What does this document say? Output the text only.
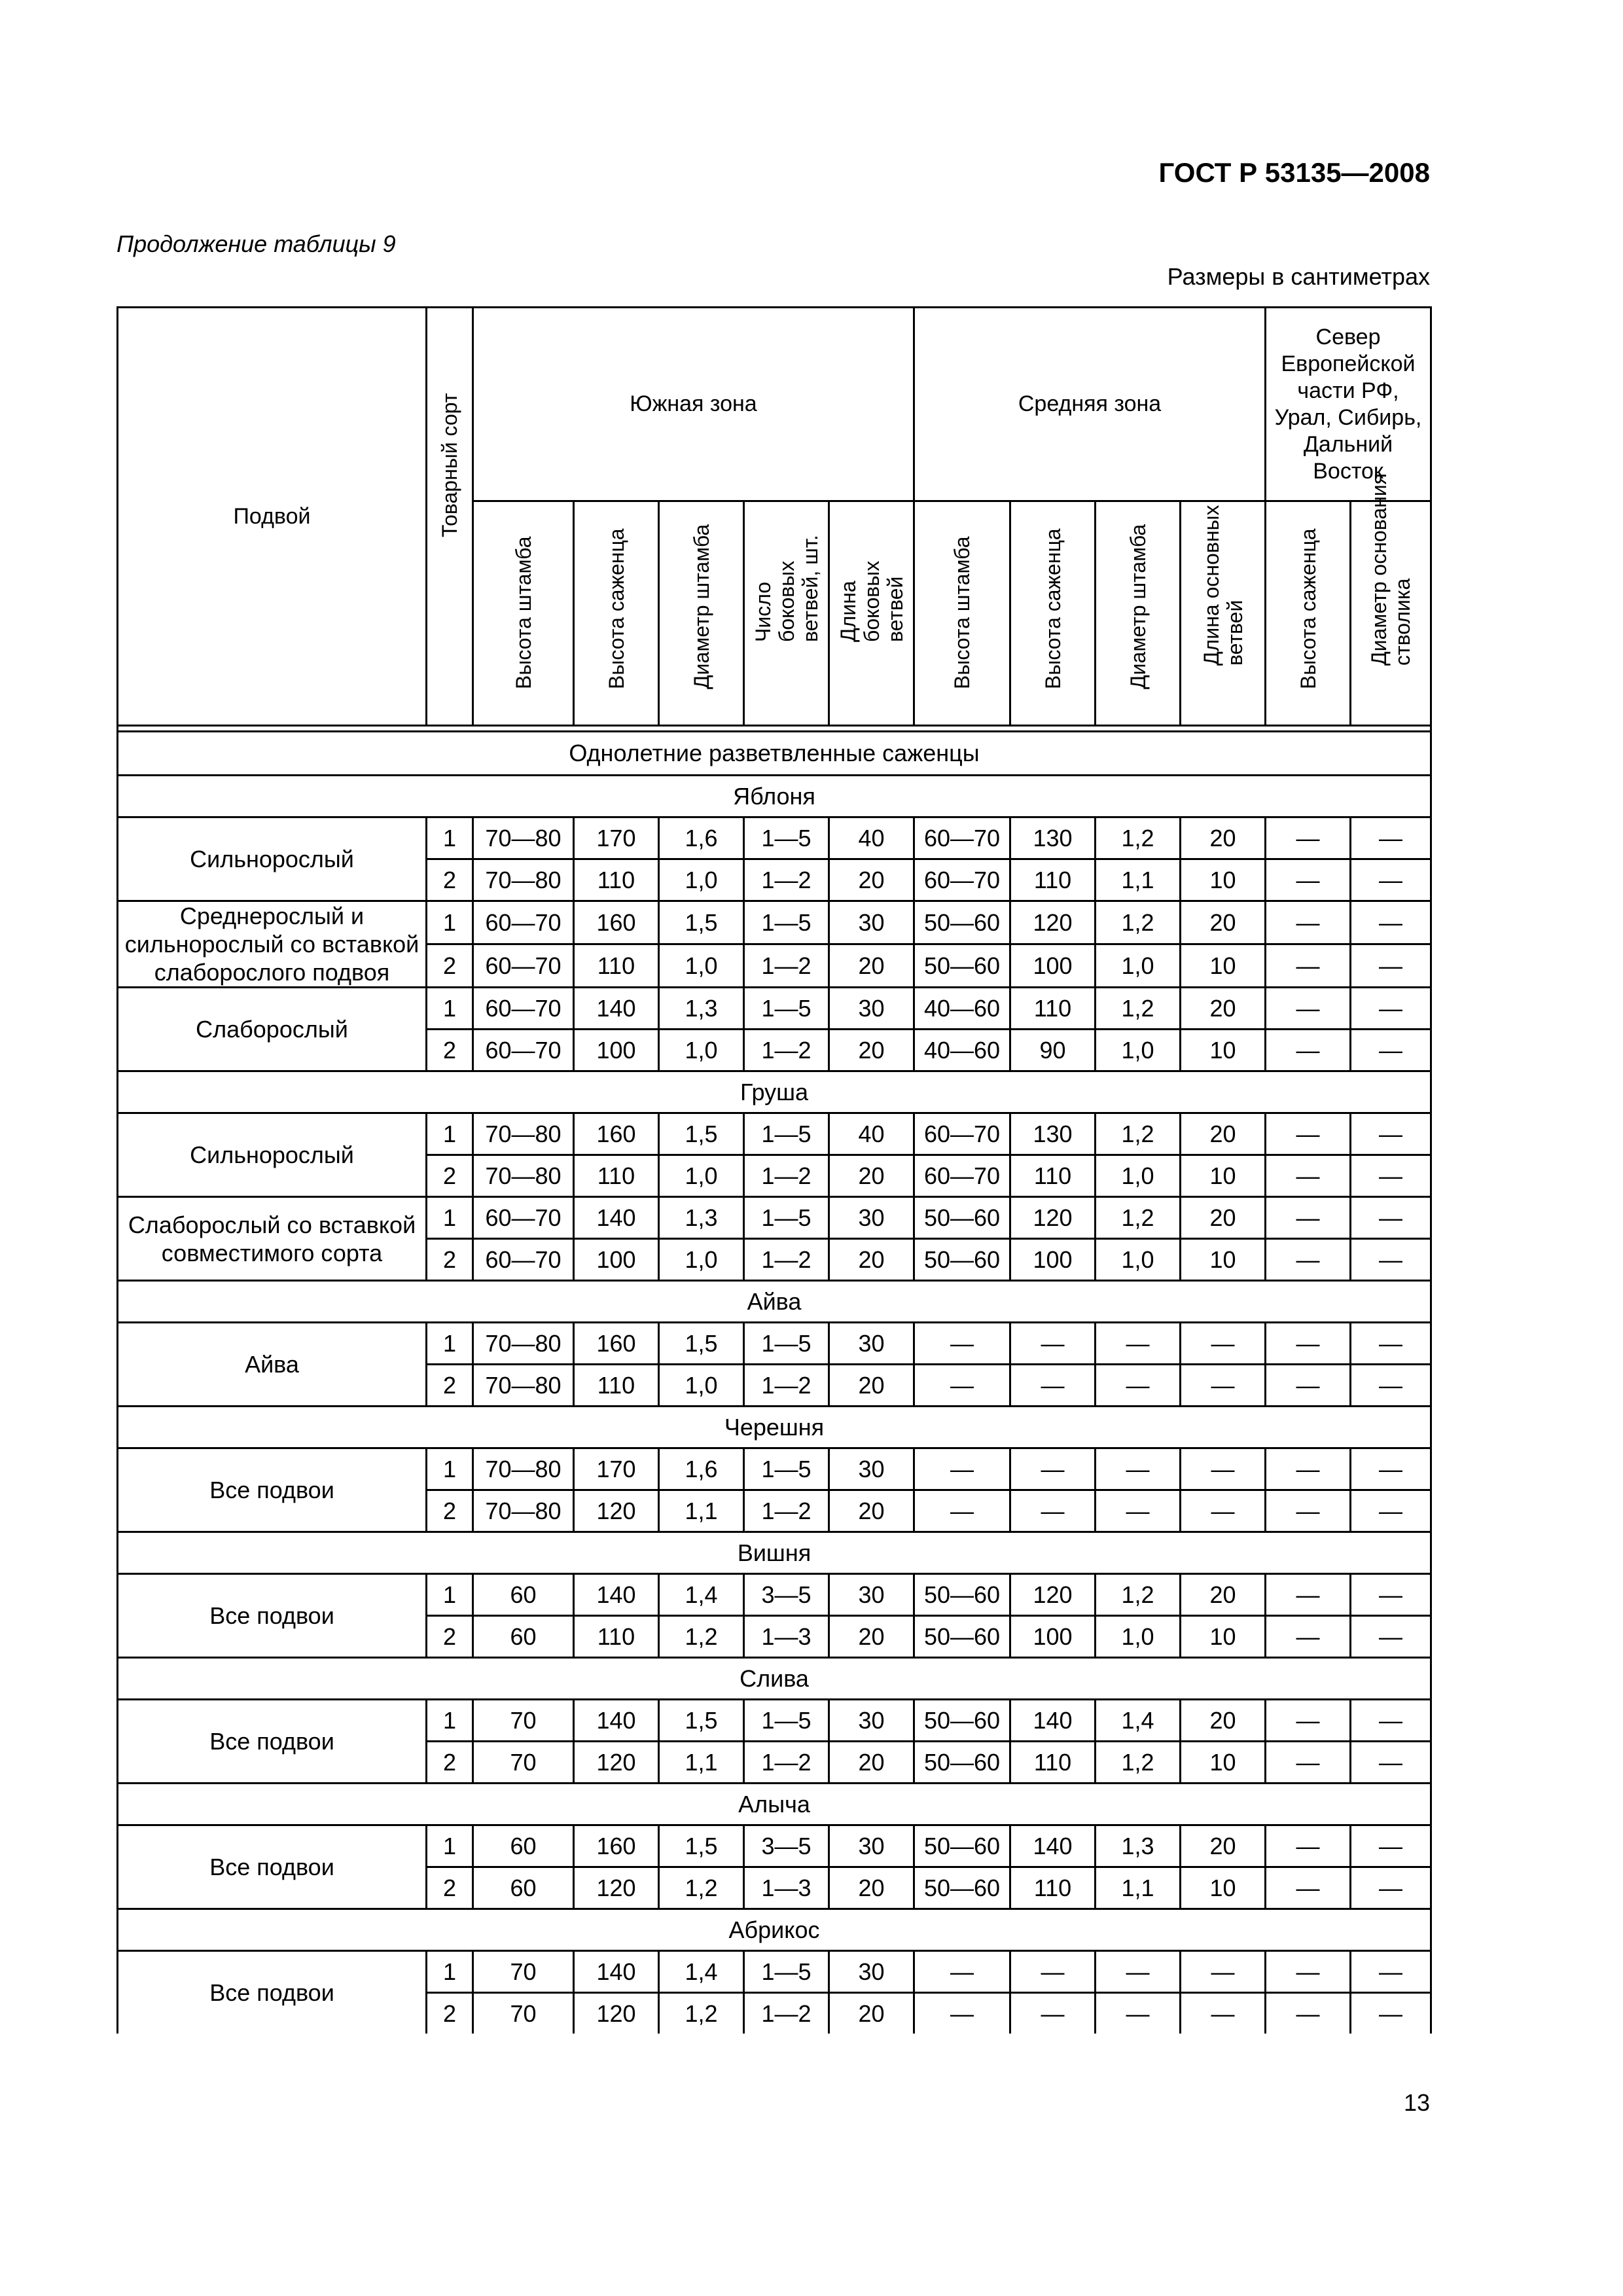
ГОСТ Р 53135—2008
Продолжение таблицы 9
Размеры в сантиметрах
Подвой	Товарный сорт	Южная зона					Средняя зона				Север Европейской части РФ, Урал, Сибирь, Дальний Восток	

		Высота штамба	Высота саженца	Диаметр штамба	Число боковых ветвей, шт.	Длина боковых ветвей	Высота штамба	Высота саженца	Диаметр штамба	Длина основных ветвей	Высота саженца	Диаметр основания стволика

Однолетние разветвленные саженцы												
Яблоня												
Сильнорослый	1	70—80	170	1,6	1—5	40	60—70	130	1,2	20	—	—
	2	70—80	110	1,0	1—2	20	60—70	110	1,1	10	—	—
Среднерослый и сильнорослый со вставкой слаборослого подвоя	1	60—70	160	1,5	1—5	30	50—60	120	1,2	20	—	—
	2	60—70	110	1,0	1—2	20	50—60	100	1,0	10	—	—
Слаборослый	1	60—70	140	1,3	1—5	30	40—60	110	1,2	20	—	—
	2	60—70	100	1,0	1—2	20	40—60	90	1,0	10	—	—
Груша												
Сильнорослый	1	70—80	160	1,5	1—5	40	60—70	130	1,2	20	—	—
	2	70—80	110	1,0	1—2	20	60—70	110	1,0	10	—	—
Слаборослый со вставкой совместимого сорта	1	60—70	140	1,3	1—5	30	50—60	120	1,2	20	—	—
	2	60—70	100	1,0	1—2	20	50—60	100	1,0	10	—	—
Айва												
Айва	1	70—80	160	1,5	1—5	30	—	—	—	—	—	—
	2	70—80	110	1,0	1—2	20	—	—	—	—	—	—
Черешня												
Все подвои	1	70—80	170	1,6	1—5	30	—	—	—	—	—	—
	2	70—80	120	1,1	1—2	20	—	—	—	—	—	—
Вишня												
Все подвои	1	60	140	1,4	3—5	30	50—60	120	1,2	20	—	—
	2	60	110	1,2	1—3	20	50—60	100	1,0	10	—	—
Слива												
Все подвои	1	70	140	1,5	1—5	30	50—60	140	1,4	20	—	—
	2	70	120	1,1	1—2	20	50—60	110	1,2	10	—	—
Алыча												
Все подвои	1	60	160	1,5	3—5	30	50—60	140	1,3	20	—	—
	2	60	120	1,2	1—3	20	50—60	110	1,1	10	—	—
Абрикос												
Все подвои	1	70	140	1,4	1—5	30	—	—	—	—	—	—
	2	70	120	1,2	1—2	20	—	—	—	—	—	—
13
